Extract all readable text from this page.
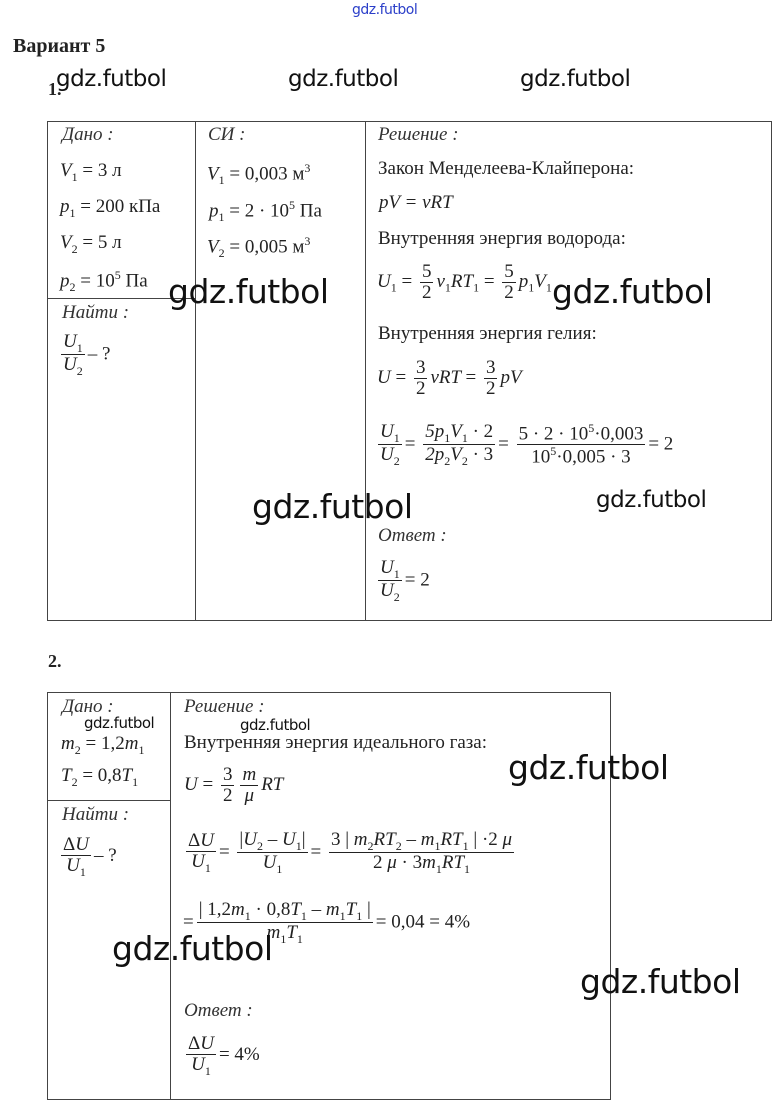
gdz.futbol
Вариант 5
1.
Дано :
$V_1 = 3$ л
$p_1 = 200$ кПа
$V_2 = 5$ л
$p_2 = 10^5$ Па
Найти :
$\frac{U_1}{U_2}$ – ?
СИ :
$V_1 = 0,003$ $м^3$
$p_1 = 2 \cdot 10^5$ Па
$V_2 = 0,005$ $м^3$
Решение :
Закон Менделеева-Клайперона:
pV = νRT
Внутренняя энергия водорода:
$U_1 = \frac{5}{2} \nu_1RT_1 = \frac{5}{2} p_1V_1$
Внутренняя энергия гелия:
$U = \frac{3}{2}$ $\nu RT = \frac{3}{2}$ pV
$\frac{U_1}{U_2} = \frac{5p_1V_1 \cdot 2}{2p_2V_2 \cdot 3} = \frac{5 \cdot 2 \cdot 10^5\cdot 0,003}{10^5\cdot 0,005 \cdot 3} = 2$
Ответ :
$\frac{U_1}{U_2} = 2$
2.
Дано :
$m_2 = 1,2m_1$
$T_2 = 0,8T_1$
Найти :
$\frac{\Delta U}{U_1}$ – ?
Решение :
Внутренняя энергия идеального газа:
$U = \frac{3}{2} \frac{m}{\mu}$ RT
$\frac{\Delta U}{U_1} = \frac{|U_2 - U_1|}{U_1} = \frac{3 | m_2RT_2 - m_1RT_1 | \cdot 2 \mu}{2 \mu \cdot 3m_1RT_1}$
= $\frac{| 1,2m_1 \cdot 0,8T_1 - m_1T_1 |}{m_1T_1} = 0,04 = 4\%$
Ответ :
$\frac{\Delta U}{U_1} = 4\%$
gdz.futbol	gdz.futbol	gdz.futbol
gdz.futbol	gdz.futbol
gdz.futbol	gdz.futbol
gdz.futbol	gdz.futbol
gdz.futbol
gdz.futbol
gdz.futbol
